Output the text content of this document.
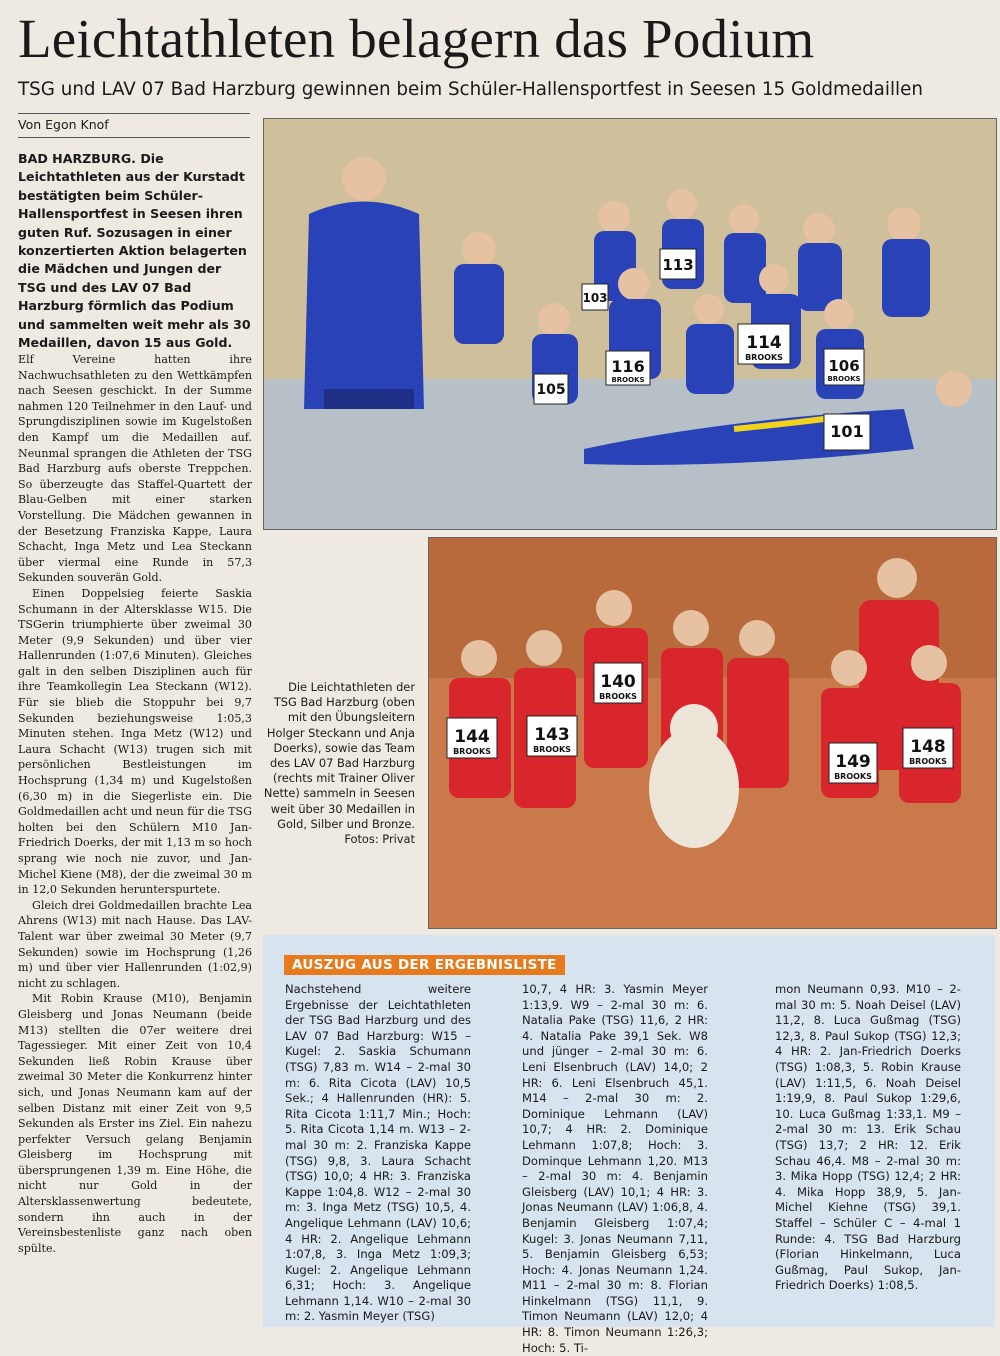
Leichtathleten belagern das Podium

TSG und LAV 07 Bad Harzburg gewinnen beim Schüler-Hallensportfest in Seesen 15 Goldmedaillen

Von Egon Knof

BAD HARZBURG. Die Leichtathleten aus der Kurstadt bestätigten beim Schüler-Hallensportfest in Seesen ihren guten Ruf. Sozusagen in einer konzertierten Aktion belagerten die Mädchen und Jungen der TSG und des LAV 07 Bad Harzburg förmlich das Podium und sammelten weit mehr als 30 Medaillen, davon 15 aus Gold.

Elf Vereine hatten ihre Nachwuchsathleten zu den Wettkämpfen nach Seesen geschickt. In der Summe nahmen 120 Teilnehmer in den Lauf- und Sprungdisziplinen sowie im Kugelstoßen den Kampf um die Medaillen auf. Neunmal sprangen die Athleten der TSG Bad Harzburg aufs oberste Treppchen. So überzeugte das Staffel-Quartett der Blau-Gelben mit einer starken Vorstellung. Die Mädchen gewannen in der Besetzung Franziska Kappe, Laura Schacht, Inga Metz und Lea Steckann über viermal eine Runde in 57,3 Sekunden souverän Gold.

Einen Doppelsieg feierte Saskia Schumann in der Altersklasse W15. Die TSGerin triumphierte über zweimal 30 Meter (9,9 Sekunden) und über vier Hallenrunden (1:07,6 Minuten). Gleiches galt in den selben Disziplinen auch für ihre Teamkollegin Lea Steckann (W12). Für sie blieb die Stoppuhr bei 9,7 Sekunden beziehungsweise 1:05,3 Minuten stehen. Inga Metz (W12) und Laura Schacht (W13) trugen sich mit persönlichen Bestleistungen im Hochsprung (1,34 m) und Kugelstoßen (6,30 m) in die Siegerliste ein. Die Goldmedaillen acht und neun für die TSG holten bei den Schülern M10 Jan-Friedrich Doerks, der mit 1,13 m so hoch sprang wie noch nie zuvor, und Jan-Michel Kiene (M8), der die zweimal 30 m in 12,0 Sekunden herunterspurtete.

Gleich drei Goldmedaillen brachte Lea Ahrens (W13) mit nach Hause. Das LAV-Talent war über zweimal 30 Meter (9,7 Sekunden) sowie im Hochsprung (1,26 m) und über vier Hallenrunden (1:02,9) nicht zu schlagen.

Mit Robin Krause (M10), Benjamin Gleisberg und Jonas Neumann (beide M13) stellten die 07er weitere drei Tagessieger. Mit einer Zeit von 10,4 Sekunden ließ Robin Krause über zweimal 30 Meter die Konkurrenz hinter sich, und Jonas Neumann kam auf der selben Distanz mit einer Zeit von 9,5 Sekunden als Erster ins Ziel. Ein nahezu perfekter Versuch gelang Benjamin Gleisberg im Hochsprung mit übersprungenen 1,39 m. Eine Höhe, die nicht nur Gold in der Altersklassenwertung bedeutete, sondern ihn auch in der Vereinsbestenliste ganz nach oben spülte.

113
103
116
BROOKS
114
BROOKS	106
BROOKS
105
101
140
BROOKS
144
BROOKS
143
BROOKS
149
BROOKS
148
BROOKS
Die Leichtathleten der TSG Bad Harzburg (oben mit den Übungsleitern Holger Steckann und Anja Doerks), sowie das Team des LAV 07 Bad Harzburg (rechts mit Trainer Oliver Nette) sammeln in Seesen weit über 30 Medaillen in Gold, Silber und Bronze. Fotos: Privat
AUSZUG AUS DER ERGEBNISLISTE

Nachstehend weitere Ergebnisse der Leichtathleten der TSG Bad Harzburg und des LAV 07 Bad Harzburg: W15 – Kugel: 2. Saskia Schumann (TSG) 7,83 m. W14 – 2-mal 30 m: 6. Rita Cicota (LAV) 10,5 Sek.; 4 Hallenrunden (HR): 5. Rita Cicota 1:11,7 Min.; Hoch: 5. Rita Cicota 1,14 m. W13 – 2-mal 30 m: 2. Franziska Kappe (TSG) 9,8, 3. Laura Schacht (TSG) 10,0; 4 HR: 3. Franziska Kappe 1:04,8. W12 – 2-mal 30 m: 3. Inga Metz (TSG) 10,5, 4. Angelique Lehmann (LAV) 10,6; 4 HR: 2. Angelique Lehmann 1:07,8, 3. Inga Metz 1:09,3; Kugel: 2. Angelique Lehmann 6,31; Hoch: 3. Angelique Lehmann 1,14. W10 – 2-mal 30 m: 2. Yasmin Meyer (TSG)

10,7, 4 HR: 3. Yasmin Meyer 1:13,9. W9 – 2-mal 30 m: 6. Natalia Pake (TSG) 11,6, 2 HR: 4. Natalia Pake 39,1 Sek. W8 und jünger – 2-mal 30 m: 6. Leni Elsenbruch (LAV) 14,0; 2 HR: 6. Leni Elsenbruch 45,1. M14 – 2-mal 30 m: 2. Dominique Lehmann (LAV) 10,7; 4 HR: 2. Dominique Lehmann 1:07,8; Hoch: 3. Dominque Lehmann 1,20. M13 – 2-mal 30 m: 4. Benjamin Gleisberg (LAV) 10,1; 4 HR: 3. Jonas Neumann (LAV) 1:06,8, 4. Benjamin Gleisberg 1:07,4; Kugel: 3. Jonas Neumann 7,11, 5. Benjamin Gleisberg 6,53; Hoch: 4. Jonas Neumann 1,24. M11 – 2-mal 30 m: 8. Florian Hinkelmann (TSG) 11,1, 9. Timon Neumann (LAV) 12,0; 4 HR: 8. Timon Neumann 1:26,3; Hoch: 5. Ti-

mon Neumann 0,93. M10 – 2-mal 30 m: 5. Noah Deisel (LAV) 11,2, 8. Luca Gußmag (TSG) 12,3, 8. Paul Sukop (TSG) 12,3; 4 HR: 2. Jan-Friedrich Doerks (TSG) 1:08,3, 5. Robin Krause (LAV) 1:11,5, 6. Noah Deisel 1:19,9, 8. Paul Sukop 1:29,6, 10. Luca Gußmag 1:33,1. M9 – 2-mal 30 m: 13. Erik Schau (TSG) 13,7; 2 HR: 12. Erik Schau 46,4. M8 – 2-mal 30 m: 3. Mika Hopp (TSG) 12,4; 2 HR: 4. Mika Hopp 38,9, 5. Jan-Michel Kiehne (TSG) 39,1. Staffel – Schüler C – 4-mal 1 Runde: 4. TSG Bad Harzburg (Florian Hinkelmann, Luca Gußmag, Paul Sukop, Jan-Friedrich Doerks) 1:08,5.
